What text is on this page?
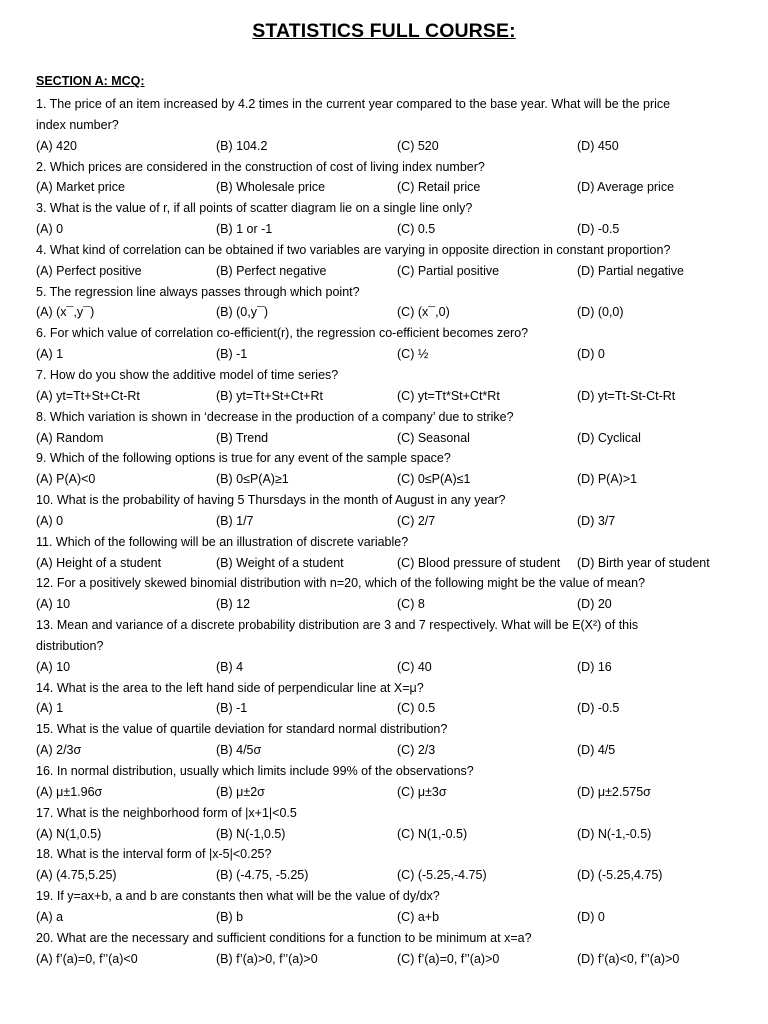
STATISTICS FULL COURSE:
SECTION A: MCQ:
1. The price of an item increased by 4.2 times in the current year compared to the base year. What will be the price
index number?
(A) 420	(B) 104.2	(C) 520	(D) 450
2. Which prices are considered in the construction of cost of living index number?
(A) Market price	(B) Wholesale price	(C) Retail price	(D) Average price
3. What is the value of r, if all points of scatter diagram lie on a single line only?
(A) 0	(B) 1 or -1	(C) 0.5	(D) -0.5
4. What kind of correlation can be obtained if two variables are varying in opposite direction in constant proportion?
(A) Perfect positive	(B) Perfect negative	(C) Partial positive	(D) Partial negative
5. The regression line always passes through which point?
(A) (x¯,y¯)	(B) (0,y¯)	(C) (x¯,0)	(D) (0,0)
6. For which value of correlation co-efficient(r), the regression co-efficient becomes zero?
(A) 1	(B) -1	(C) ½	(D) 0
7. How do you show the additive model of time series?
(A) yt=Tt+St+Ct-Rt	(B) yt=Tt+St+Ct+Rt	(C) yt=Tt*St+Ct*Rt	(D) yt=Tt-St-Ct-Rt
8. Which variation is shown in ‘decrease in the production of a company’ due to strike?
(A) Random	(B) Trend	(C) Seasonal	(D) Cyclical
9. Which of the following options is true for any event of the sample space?
(A) P(A)<0	(B) 0≤P(A)≥1	(C) 0≤P(A)≤1	(D) P(A)>1
10. What is the probability of having 5 Thursdays in the month of August in any year?
(A) 0	(B) 1/7	(C) 2/7	(D) 3/7
11. Which of the following will be an illustration of discrete variable?
(A) Height of a student	(B) Weight of a student	(C) Blood pressure of student (D) Birth year of student
12. For a positively skewed binomial distribution with n=20, which of the following might be the value of mean?
(A) 10	(B) 12	(C) 8	(D) 20
13. Mean and variance of a discrete probability distribution are 3 and 7 respectively. What will be E(X²) of this
distribution?
(A) 10	(B) 4	(C) 40	(D) 16
14. What is the area to the left hand side of perpendicular line at X=μ?
(A) 1	(B) -1	(C) 0.5	(D) -0.5
15. What is the value of quartile deviation for standard normal distribution?
(A) 2/3σ	(B) 4/5σ	(C) 2/3	(D) 4/5
16. In normal distribution, usually which limits include 99% of the observations?
(A) μ±1.96σ	(B) μ±2σ	(C) μ±3σ	(D) μ±2.575σ
17. What is the neighborhood form of |x+1|<0.5
(A) N(1,0.5)	(B) N(-1,0.5)	(C) N(1,-0.5)	(D) N(-1,-0.5)
18. What is the interval form of |x-5|<0.25?
(A) (4.75,5.25)	(B) (-4.75, -5.25)	(C) (-5.25,-4.75)	(D) (-5.25,4.75)
19. If y=ax+b, a and b are constants then what will be the value of dy/dx?
(A) a	(B) b	(C) a+b	(D) 0
20. What are the necessary and sufficient conditions for a function to be minimum at x=a?
(A) f’(a)=0, f’’(a)<0	(B) f’(a)>0, f’’(a)>0	(C) f’(a)=0, f’’(a)>0	(D) f’(a)<0, f’’(a)>0
